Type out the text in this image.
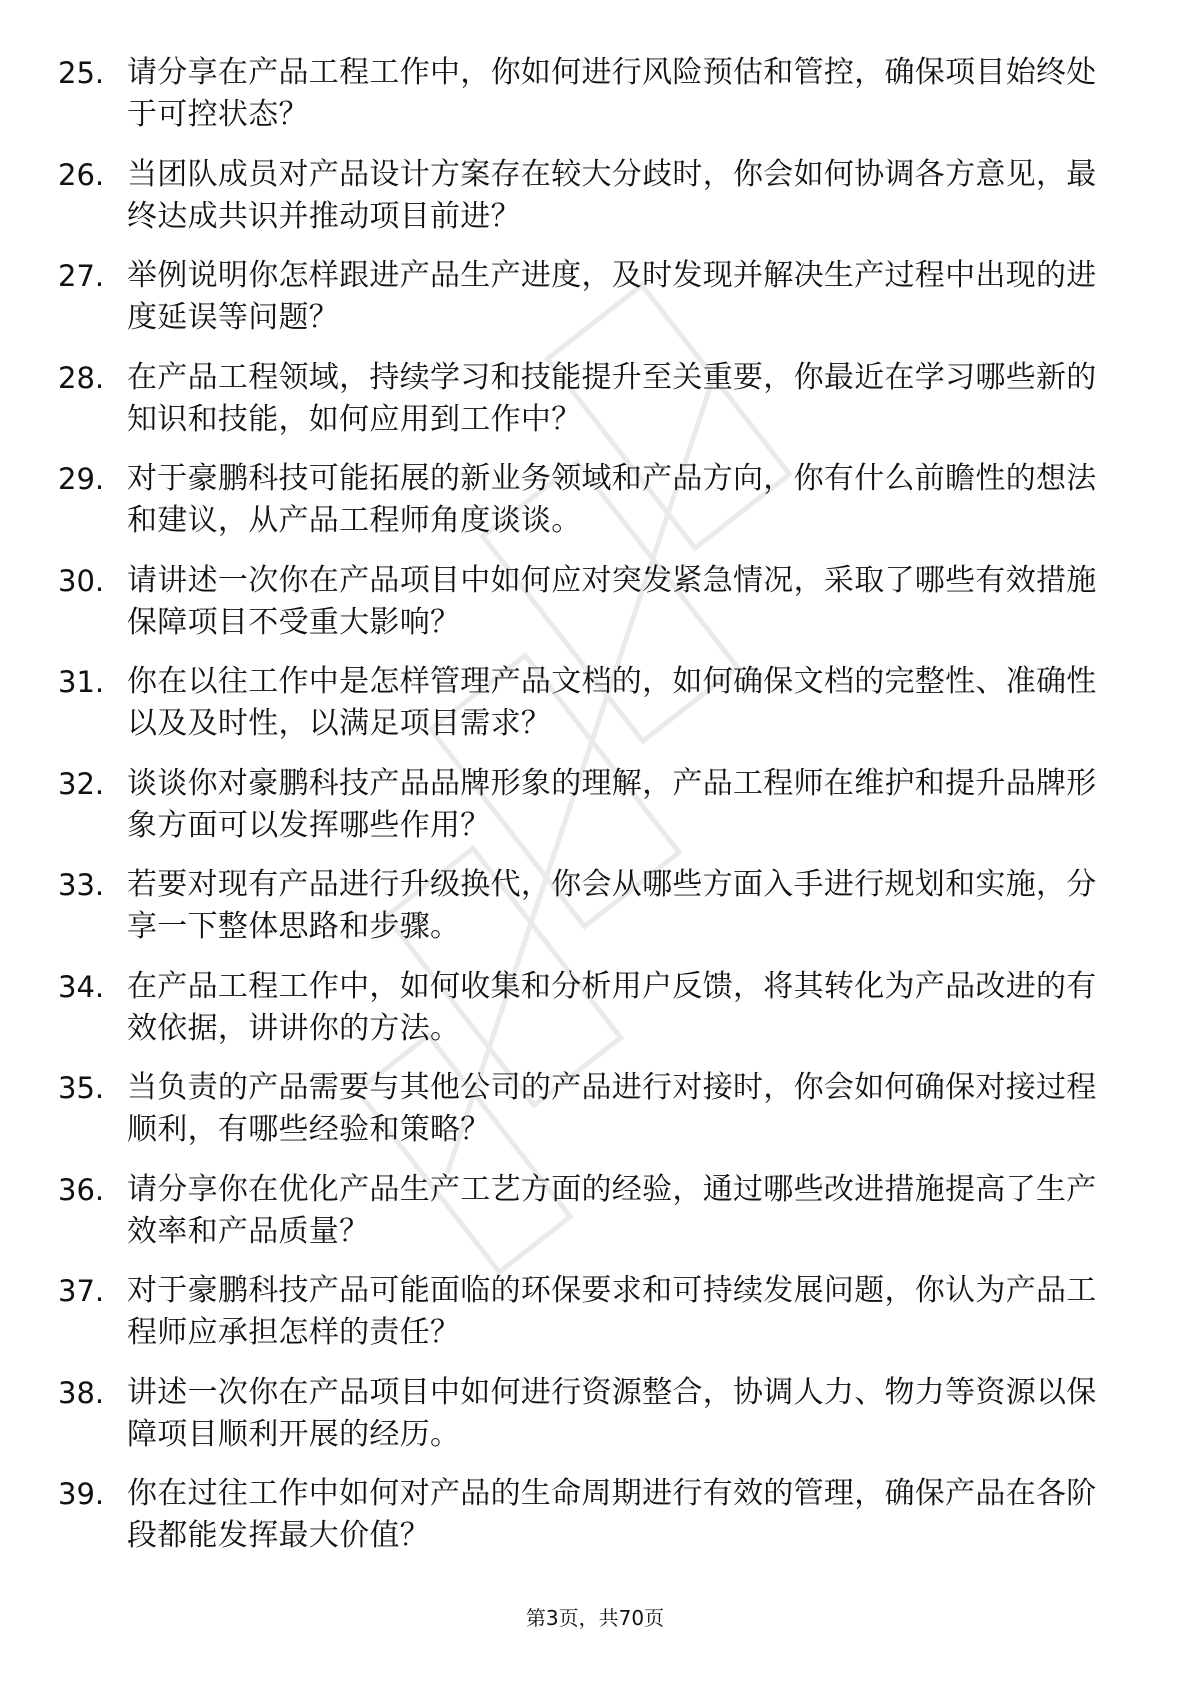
25. 请分享在产品工程工作中，你如何进行风险预估和管控，确保项目始终处于可控状态？
26. 当团队成员对产品设计方案存在较大分歧时，你会如何协调各方意见，最终达成共识并推动项目前进？
27. 举例说明你怎样跟进产品生产进度，及时发现并解决生产过程中出现的进度延误等问题？
28. 在产品工程领域，持续学习和技能提升至关重要，你最近在学习哪些新的知识和技能，如何应用到工作中？
29. 对于豪鹏科技可能拓展的新业务领域和产品方向，你有什么前瞻性的想法和建议，从产品工程师角度谈谈。
30. 请讲述一次你在产品项目中如何应对突发紧急情况，采取了哪些有效措施保障项目不受重大影响？
31. 你在以往工作中是怎样管理产品文档的，如何确保文档的完整性、准确性以及及时性，以满足项目需求？
32. 谈谈你对豪鹏科技产品品牌形象的理解，产品工程师在维护和提升品牌形象方面可以发挥哪些作用？
33. 若要对现有产品进行升级换代，你会从哪些方面入手进行规划和实施，分享一下整体思路和步骤。
34. 在产品工程工作中，如何收集和分析用户反馈，将其转化为产品改进的有效依据，讲讲你的方法。
35. 当负责的产品需要与其他公司的产品进行对接时，你会如何确保对接过程顺利，有哪些经验和策略？
36. 请分享你在优化产品生产工艺方面的经验，通过哪些改进措施提高了生产效率和产品质量？
37. 对于豪鹏科技产品可能面临的环保要求和可持续发展问题，你认为产品工程师应承担怎样的责任？
38. 讲述一次你在产品项目中如何进行资源整合，协调人力、物力等资源以保障项目顺利开展的经历。
39. 你在过往工作中如何对产品的生命周期进行有效的管理，确保产品在各阶段都能发挥最大价值？
第3页，共70页
